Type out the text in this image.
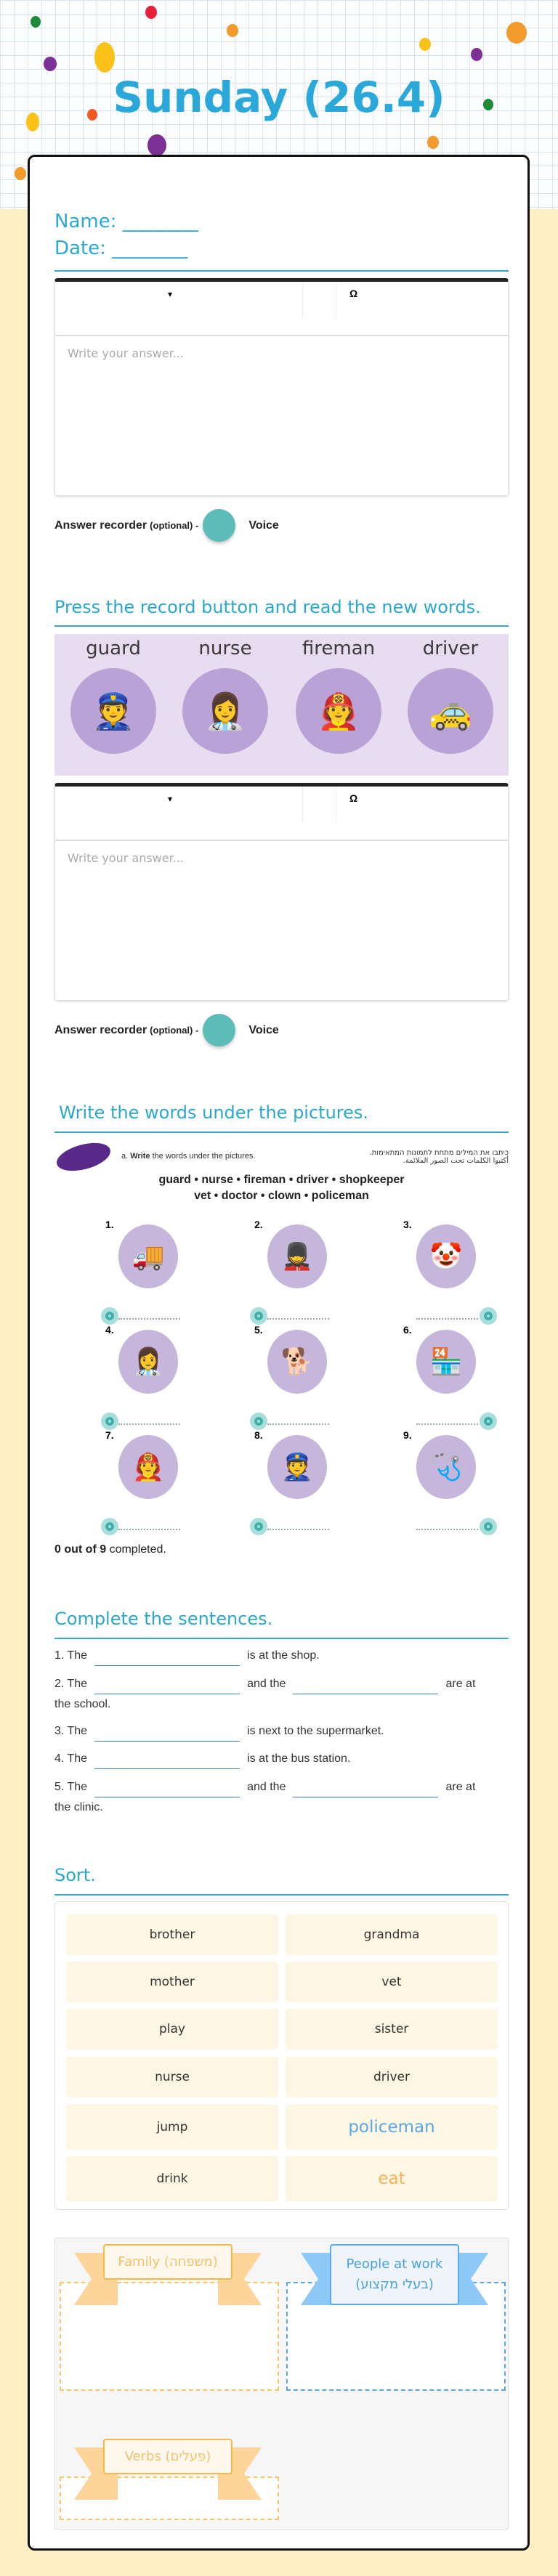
Sunday (26.4)
Name: ________
Date: ________
▾	Ω
Write your answer...
Answer recorder (optional) -	Voice
Press the record button and read the new words.
guard
👮
nurse
👩‍⚕️
fireman
🧑‍🚒
driver
🚕
▾	Ω
Write your answer...
Answer recorder (optional) -	Voice
Write the words under the pictures.
a. Write the words under the pictures.	.כיתבו את המילים מתחת לתמונות המתאימות
.أكتبوا الكلمات تحت الصور الملائمة
guard • nurse • fireman • driver • shopkeeper
vet • doctor • clown • policeman
1.
🚚
2.
💂
3.
🤡
4.
👩‍⚕️
5.
🐕
6.
🏪
7.
🧑‍🚒
8.
👮
9.
🩺
0 out of 9 completed.
Complete the sentences.
1. The	is at the shop.
2. The	and the	are at
the school.
3. The	is next to the supermarket.
4. The	is at the bus station.
5. The	and the	are at
the clinic.
Sort.
brother	grandma
mother	vet
play	sister
nurse	driver
jump	policeman
drink	eat
Family (משפחה)	People at work (בעלי מקצוע)
Verbs (פעלים)
